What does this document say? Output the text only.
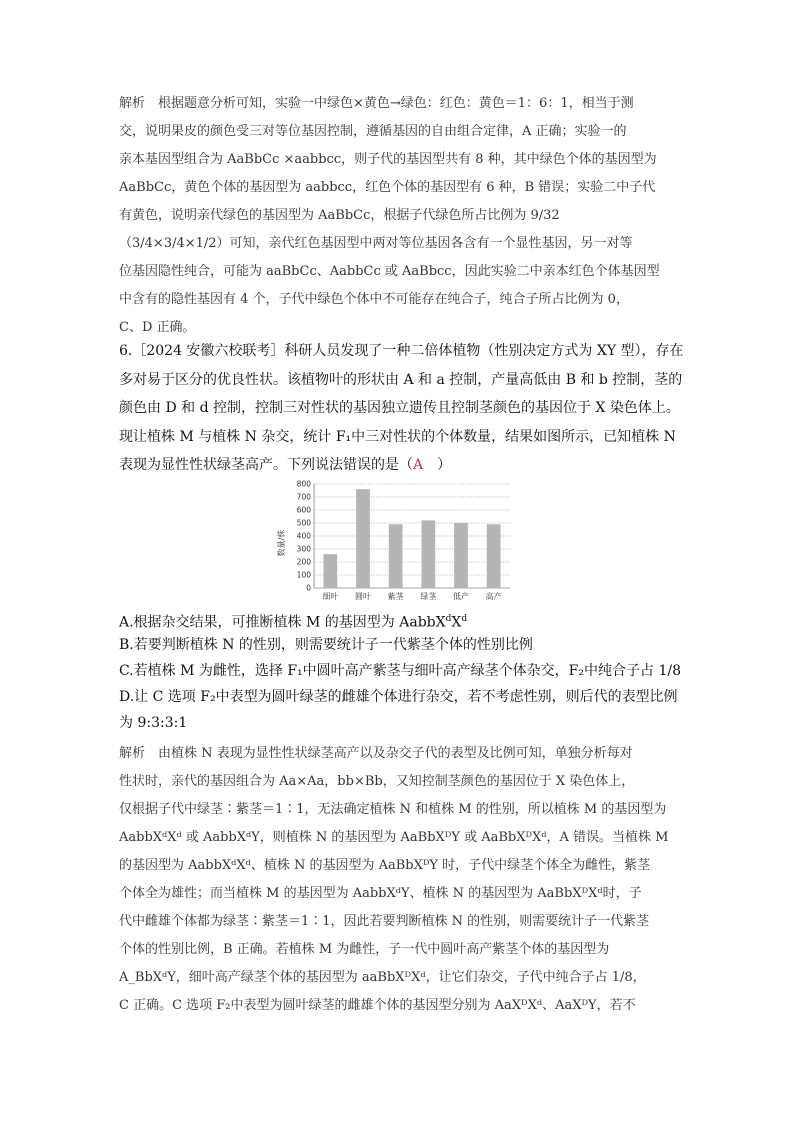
解析　根据题意分析可知，实验一中绿色×黄色→绿色：红色：黄色＝1：6：1，相当于测
交，说明果皮的颜色受三对等位基因控制，遵循基因的自由组合定律，A 正确；实验一的
亲本基因型组合为 AaBbCc ×aabbcc，则子代的基因型共有 8 种，其中绿色个体的基因型为
AaBbCc，黄色个体的基因型为 aabbcc，红色个体的基因型有 6 种，B 错误；实验二中子代
有黄色，说明亲代绿色的基因型为 AaBbCc，根据子代绿色所占比例为 9/32
（3/4×3/4×1/2）可知，亲代红色基因型中两对等位基因各含有一个显性基因，另一对等
位基因隐性纯合，可能为 aaBbCc、AabbCc 或 AaBbcc，因此实验二中亲本红色个体基因型
中含有的隐性基因有 4 个，子代中绿色个体中不可能存在纯合子，纯合子所占比例为 0，
C、D 正确。
6.［2024 安徽六校联考］科研人员发现了一种二倍体植物（性别决定方式为 XY 型），存在
多对易于区分的优良性状。该植物叶的形状由 A 和 a 控制，产量高低由 B 和 b 控制，茎的
颜色由 D 和 d 控制，控制三对性状的基因独立遗传且控制茎颜色的基因位于 X 染色体上。
现让植株 M 与植株 N 杂交，统计 F₁中三对性状的个体数量，结果如图所示，已知植株 N
表现为显性性状绿茎高产。下列说法错误的是（A　 ）
0
100
200
300
400
500
600
700
800
细叶 圆叶 紫茎 绿茎 低产 高产
数量/株
A.根据杂交结果，可推断植株 M 的基因型为 $AabbX^dX^d$
B.若要判断植株 N 的性别，则需要统计子一代紫茎个体的性别比例
C.若植株 M 为雌性，选择 F₁中圆叶高产紫茎与细叶高产绿茎个体杂交，F₂中纯合子占 1/8
D.让 C 选项 F₂中表型为圆叶绿茎的雌雄个体进行杂交，若不考虑性别，则后代的表型比例
为 9:3:3:1
解析　由植株 N 表现为显性性状绿茎高产以及杂交子代的表型及比例可知，单独分析每对
性状时，亲代的基因组合为 Aa×Aa，bb×Bb，又知控制茎颜色的基因位于 X 染色体上，
仅根据子代中绿茎∶紫茎＝1∶1，无法确定植株 N 和植株 M 的性别，所以植株 M 的基因型为
AabbXᵈXᵈ 或 AabbXᵈY，则植株 N 的基因型为 AaBbXᴰY 或 AaBbXᴰXᵈ，A 错误。当植株 M
的基因型为 AabbXᵈXᵈ、植株 N 的基因型为 AaBbXᴰY 时，子代中绿茎个体全为雌性，紫茎
个体全为雄性；而当植株 M 的基因型为 AabbXᵈY、植株 N 的基因型为 AaBbXᴰXᵈ时，子
代中雌雄个体都为绿茎∶紫茎＝1∶1，因此若要判断植株 N 的性别，则需要统计子一代紫茎
个体的性别比例，B 正确。若植株 M 为雌性，子一代中圆叶高产紫茎个体的基因型为
A_BbXᵈY，细叶高产绿茎个体的基因型为 aaBbXᴰXᵈ，让它们杂交，子代中纯合子占 1/8，
C 正确。C 选项 F₂中表型为圆叶绿茎的雌雄个体的基因型分别为 AaXᴰXᵈ、AaXᴰY，若不
